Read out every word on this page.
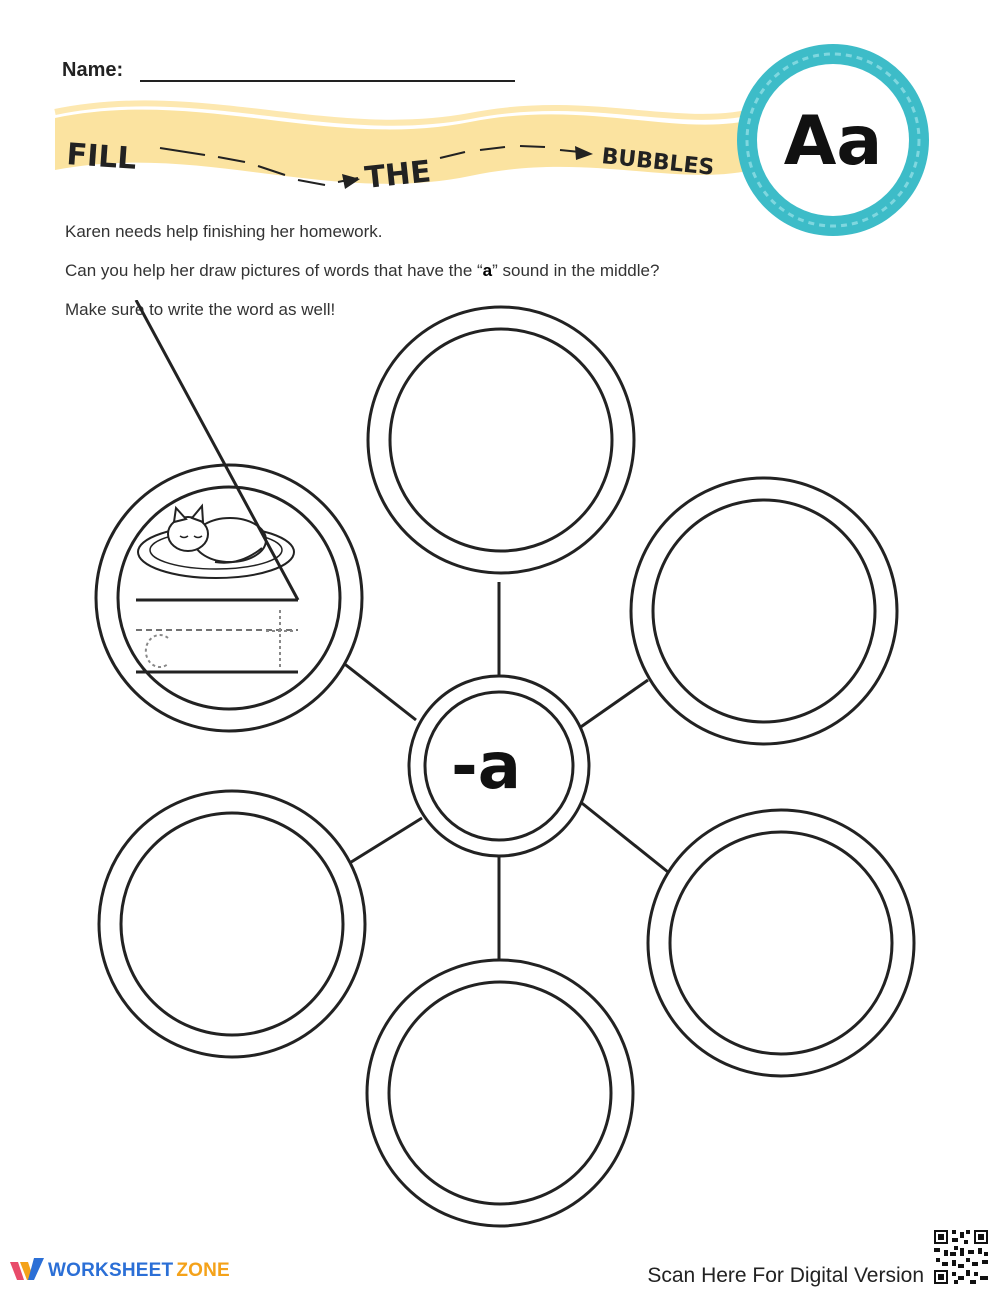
Name:
FILL	THE	BUBBLES Aa
Karen needs help finishing her homework.
Can you help her draw pictures of words that have the “a” sound in the middle?
Make sure to write the word as well!
-a
WORKSHEET ZONE	Scan Here For Digital Version
